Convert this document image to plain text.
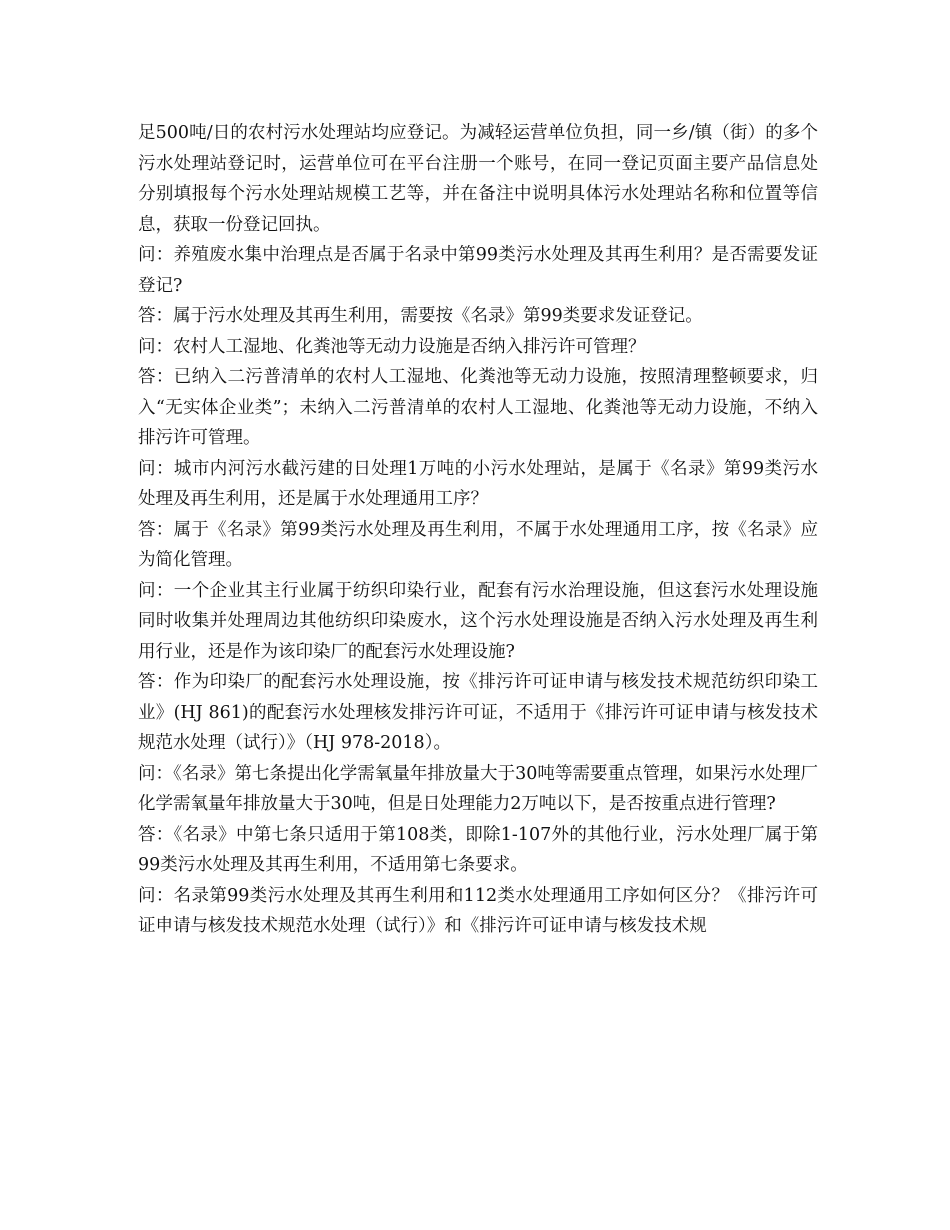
足500吨/日的农村污水处理站均应登记。为减轻运营单位负担，同一乡/镇（街）的多个污水处理站登记时，运营单位可在平台注册一个账号，在同一登记页面主要产品信息处分别填报每个污水处理站规模工艺等，并在备注中说明具体污水处理站名称和位置等信息，获取一份登记回执。

问：养殖废水集中治理点是否属于名录中第99类污水处理及其再生利用？是否需要发证登记?

答：属于污水处理及其再生利用，需要按《名录》第99类要求发证登记。

问：农村人工湿地、化粪池等无动力设施是否纳入排污许可管理？

答：已纳入二污普清单的农村人工湿地、化粪池等无动力设施，按照清理整顿要求，归入“无实体企业类”；未纳入二污普清单的农村人工湿地、化粪池等无动力设施，不纳入排污许可管理。

问：城市内河污水截污建的日处理1万吨的小污水处理站，是属于《名录》第99类污水处理及再生利用，还是属于水处理通用工序？

答：属于《名录》第99类污水处理及再生利用，不属于水处理通用工序，按《名录》应为简化管理。

问：一个企业其主行业属于纺织印染行业，配套有污水治理设施，但这套污水处理设施同时收集并处理周边其他纺织印染废水，这个污水处理设施是否纳入污水处理及再生利用行业，还是作为该印染厂的配套污水处理设施?

答：作为印染厂的配套污水处理设施，按《排污许可证申请与核发技术规范纺织印染工业》(HJ 861)的配套污水处理核发排污许可证，不适用于《排污许可证申请与核发技术规范水处理（试行）》（HJ 978-2018）。

问：《名录》第七条提出化学需氧量年排放量大于30吨等需要重点管理，如果污水处理厂化学需氧量年排放量大于30吨，但是日处理能力2万吨以下，是否按重点进行管理?

答：《名录》中第七条只适用于第108类，即除1-107外的其他行业，污水处理厂属于第99类污水处理及其再生利用，不适用第七条要求。

问：名录第99类污水处理及其再生利用和112类水处理通用工序如何区分？《排污许可证申请与核发技术规范水处理（试行）》和《排污许可证申请与核发技术规
